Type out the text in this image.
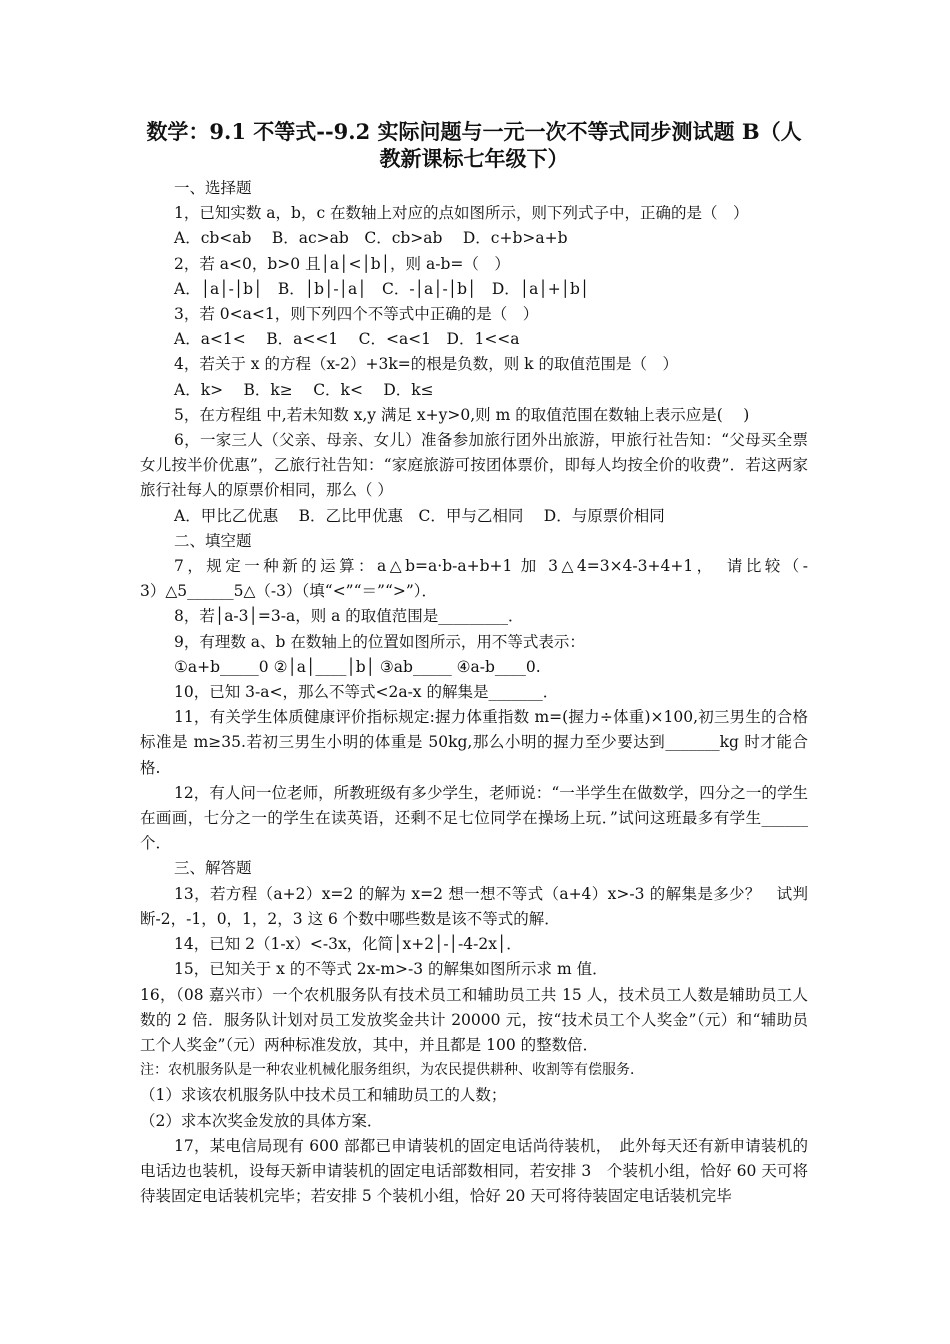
数学：9.1 不等式--9.2 实际问题与一元一次不等式同步测试题 B（人教新课标七年级下）
一、选择题
1，已知实数 a，b，c 在数轴上对应的点如图所示，则下列式子中，正确的是（　）
A．cb<ab　 B．ac>ab　C．cb>ab　 D．c+b>a+b
2，若 a<0，b>0 且│a│<│b│，则 a-b=（　）
A．│a│-│b│　B．│b│-│a│　C．-│a│-│b│　D．│a│+│b│
3，若 0<a<1，则下列四个不等式中正确的是（　）
A．a<1<　 B．a<<1　 C．<a<1　D．1<<a
4，若关于 x 的方程（x-2）+3k=的根是负数，则 k 的取值范围是（　）
A．k>　 B．k≥　 C．k<　 D．k≤
5，在方程组 中,若未知数 x,y 满足 x+y>0,则 m 的取值范围在数轴上表示应是(　 )
6，一家三人（父亲、母亲、女儿）准备参加旅行团外出旅游，甲旅行社告知：“父母买全票女儿按半价优惠”，乙旅行社告知：“家庭旅游可按团体票价，即每人均按全价的收费”．若这两家旅行社每人的原票价相同，那么（ ）
A．甲比乙优惠　 B．乙比甲优惠　C．甲与乙相同　 D．与原票价相同
二、填空题
7，规定一种新的运算：a△b=a·b-a+b+1 加 3△4=3×4-3+4+1，　请比较（-
3）△5______5△（-3）（填“<”“＝”“>”）．
8，若│a-3│=3-a，则 a 的取值范围是_________．
9，有理数 a、b 在数轴上的位置如图所示，用不等式表示：
①a+b_____0 ②│a│____│b│ ③ab_____ ④a-b____0.
10，已知 3-a<，那么不等式<2a-x 的解集是_______．
11，有关学生体质健康评价指标规定:握力体重指数 m=(握力÷体重)×100,初三男生的合格标准是 m≥35.若初三男生小明的体重是 50kg,那么小明的握力至少要达到_______kg 时才能合格.
12，有人问一位老师，所教班级有多少学生，老师说：“一半学生在做数学，四分之一的学生在画画，七分之一的学生在读英语，还剩不足七位同学在操场上玩．”试问这班最多有学生______个．
三、解答题
13，若方程（a+2）x=2 的解为 x=2 想一想不等式（a+4）x>-3 的解集是多少？　试判断-2，-1，0，1，2，3 这 6 个数中哪些数是该不等式的解．
14，已知 2（1-x）<-3x，化简│x+2│-│-4-2x│．
15，已知关于 x 的不等式 2x-m>-3 的解集如图所示求 m 值．
16，（08 嘉兴市）一个农机服务队有技术员工和辅助员工共 15 人，技术员工人数是辅助员工人数的 2 倍．服务队计划对员工发放奖金共计 20000 元，按“技术员工个人奖金”（元）和“辅助员工个人奖金”（元）两种标准发放，其中，并且都是 100 的整数倍．
注：农机服务队是一种农业机械化服务组织，为农民提供耕种、收割等有偿服务．
（1）求该农机服务队中技术员工和辅助员工的人数；
（2）求本次奖金发放的具体方案．
17，某电信局现有 600 部都已申请装机的固定电话尚待装机，　此外每天还有新申请装机的电话边也装机，设每天新申请装机的固定电话部数相同，若安排 3　个装机小组，恰好 60 天可将待装固定电话装机完毕；若安排 5 个装机小组，恰好 20 天可将待装固定电话装机完毕
